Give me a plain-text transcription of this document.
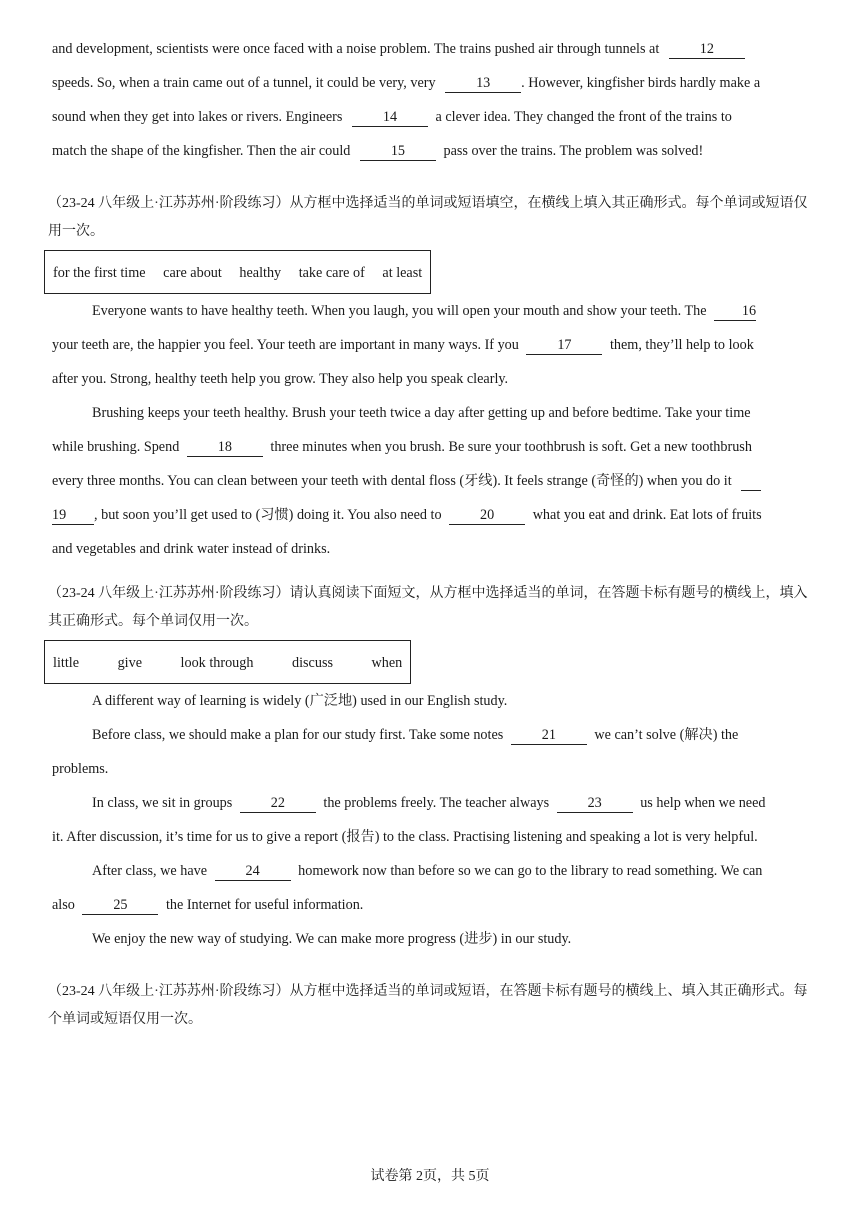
and development, scientists were once faced with a noise problem. The trains pushed air through tunnels at	12
speeds. So, when a train came out of a tunnel, it could be very, very	13 . However, kingfisher birds hardly make a
sound when they get into lakes or rivers. Engineers	14	a clever idea. They changed the front of the trains to
match the shape of the kingfisher. Then the air could	15	pass over the trains. The problem was solved!

（23-24 八年级上·江苏苏州·阶段练习）从方框中选择适当的单词或短语填空，在横线上填入其正确形式。每个单词或短语仅用一次。

for the first time care about healthy take care of at least
Everyone wants to have healthy teeth. When you laugh, you will open your mouth and show your teeth. The 16
your teeth are, the happier you feel. Your teeth are important in many ways. If you	17	them, they’ll help to look
after you. Strong, healthy teeth help you grow. They also help you speak clearly.
Brushing keeps your teeth healthy. Brush your teeth twice a day after getting up and before bedtime. Take your time
while brushing. Spend	18	three minutes when you brush. Be sure your toothbrush is soft. Get a new toothbrush
every three months. You can clean between your teeth with dental floss (牙线). It feels strange (奇怪的) when you do it
19 , but soon you’ll get used to (习惯) doing it. You also need to	20	what you eat and drink. Eat lots of fruits
and vegetables and drink water instead of drinks.

（23-24 八年级上·江苏苏州·阶段练习）请认真阅读下面短文，从方框中选择适当的单词，在答题卡标有题号的横线上，填入其正确形式。每个单词仅用一次。

little	give	look through	discuss	when
A different way of learning is widely (广泛地) used in our English study.
Before class, we should make a plan for our study first. Take some notes	21	we can’t solve (解决) the
problems.
In class, we sit in groups	22	the problems freely. The teacher always	23	us help when we need
it. After discussion, it’s time for us to give a report (报告) to the class. Practising listening and speaking a lot is very helpful.
After class, we have	24	homework now than before so we can go to the library to read something. We can
also	25	the Internet for useful information.
We enjoy the new way of studying. We can make more progress (进步) in our study.

（23-24 八年级上·江苏苏州·阶段练习）从方框中选择适当的单词或短语，在答题卡标有题号的横线上、填入其正确形式。每个单词或短语仅用一次。

试卷第 2页，共 5页
